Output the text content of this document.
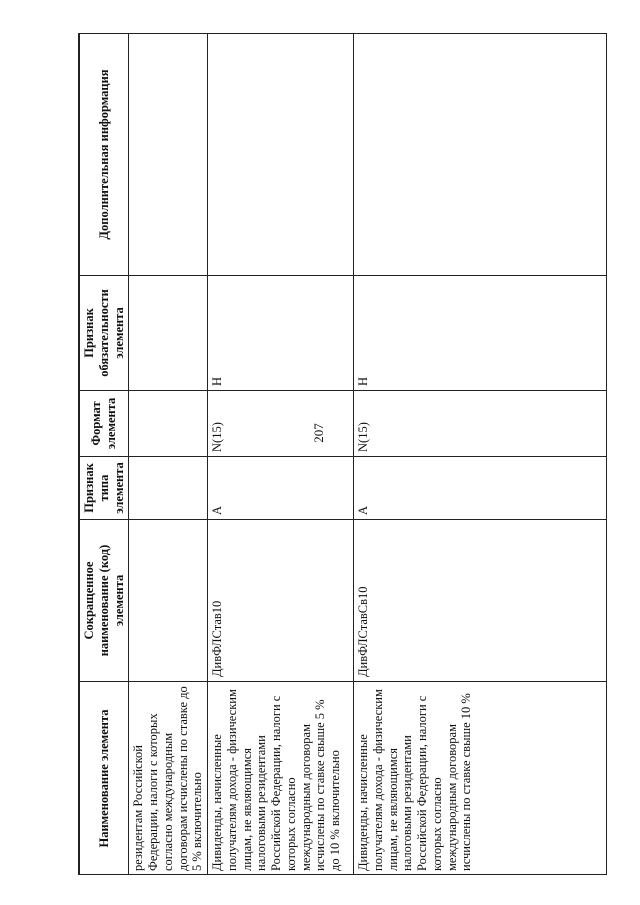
207
Наименование элемента	Сокращенное наименование (код) элемента	Признак типа элемента	Формат элемента	Признак обязательности элемента	Дополнительная информация
резидентам Российской Федерации, налоги с которых согласно международным договорам исчислены по ставке до 5 % включительно					
Дивиденды, начисленные получателям дохода - физическим лицам, не являющимся налоговыми резидентами Российской Федерации, налоги с которых согласно международным договорам исчислены по ставке свыше 5 % до 10 % включительно	ДивФЛСтав10	А	N(15)	Н	
Дивиденды, начисленные получателям дохода - физическим лицам, не являющимся налоговыми резидентами Российской Федерации, налоги с которых согласно международным договорам исчислены по ставке свыше 10 %	ДивФЛСтавСв10	А	N(15)	Н	
